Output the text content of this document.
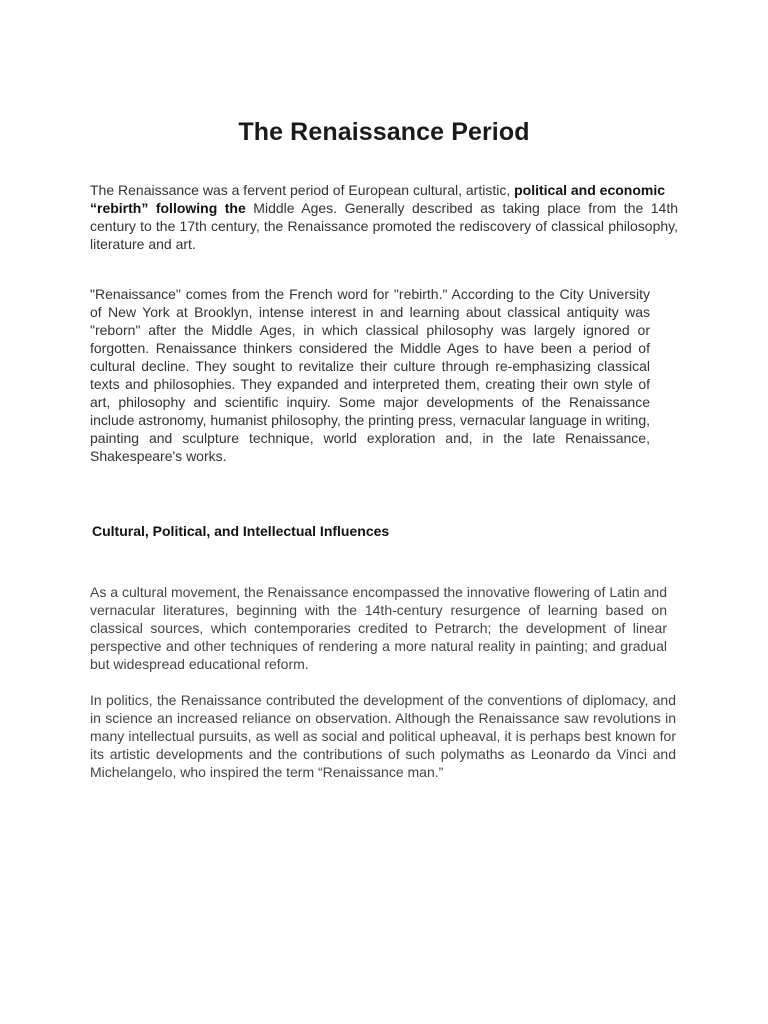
The Renaissance Period

The Renaissance was a fervent period of European cultural, artistic, political and economic
“rebirth” following the Middle Ages. Generally described as taking place from the 14th century to the 17th century, the Renaissance promoted the rediscovery of classical philosophy, literature and art.

"Renaissance" comes from the French word for "rebirth." According to the City University of New York at Brooklyn, intense interest in and learning about classical antiquity was "reborn" after the Middle Ages, in which classical philosophy was largely ignored or forgotten. Renaissance thinkers considered the Middle Ages to have been a period of cultural decline. They sought to revitalize their culture through re-emphasizing classical texts and philosophies. They expanded and interpreted them, creating their own style of art, philosophy and scientific inquiry. Some major developments of the Renaissance include astronomy, humanist philosophy, the printing press, vernacular language in writing, painting and sculpture technique, world exploration and, in the late Renaissance, Shakespeare's works.

Cultural, Political, and Intellectual Influences

As a cultural movement, the Renaissance encompassed the innovative flowering of Latin and vernacular literatures, beginning with the 14th-century resurgence of learning based on classical sources, which contemporaries credited to Petrarch; the development of linear perspective and other techniques of rendering a more natural reality in painting; and gradual but widespread educational reform.

In politics, the Renaissance contributed the development of the conventions of diplomacy, and in science an increased reliance on observation. Although the Renaissance saw revolutions in many intellectual pursuits, as well as social and political upheaval, it is perhaps best known for its artistic developments and the contributions of such polymaths as Leonardo da Vinci and Michelangelo, who inspired the term “Renaissance man.”
